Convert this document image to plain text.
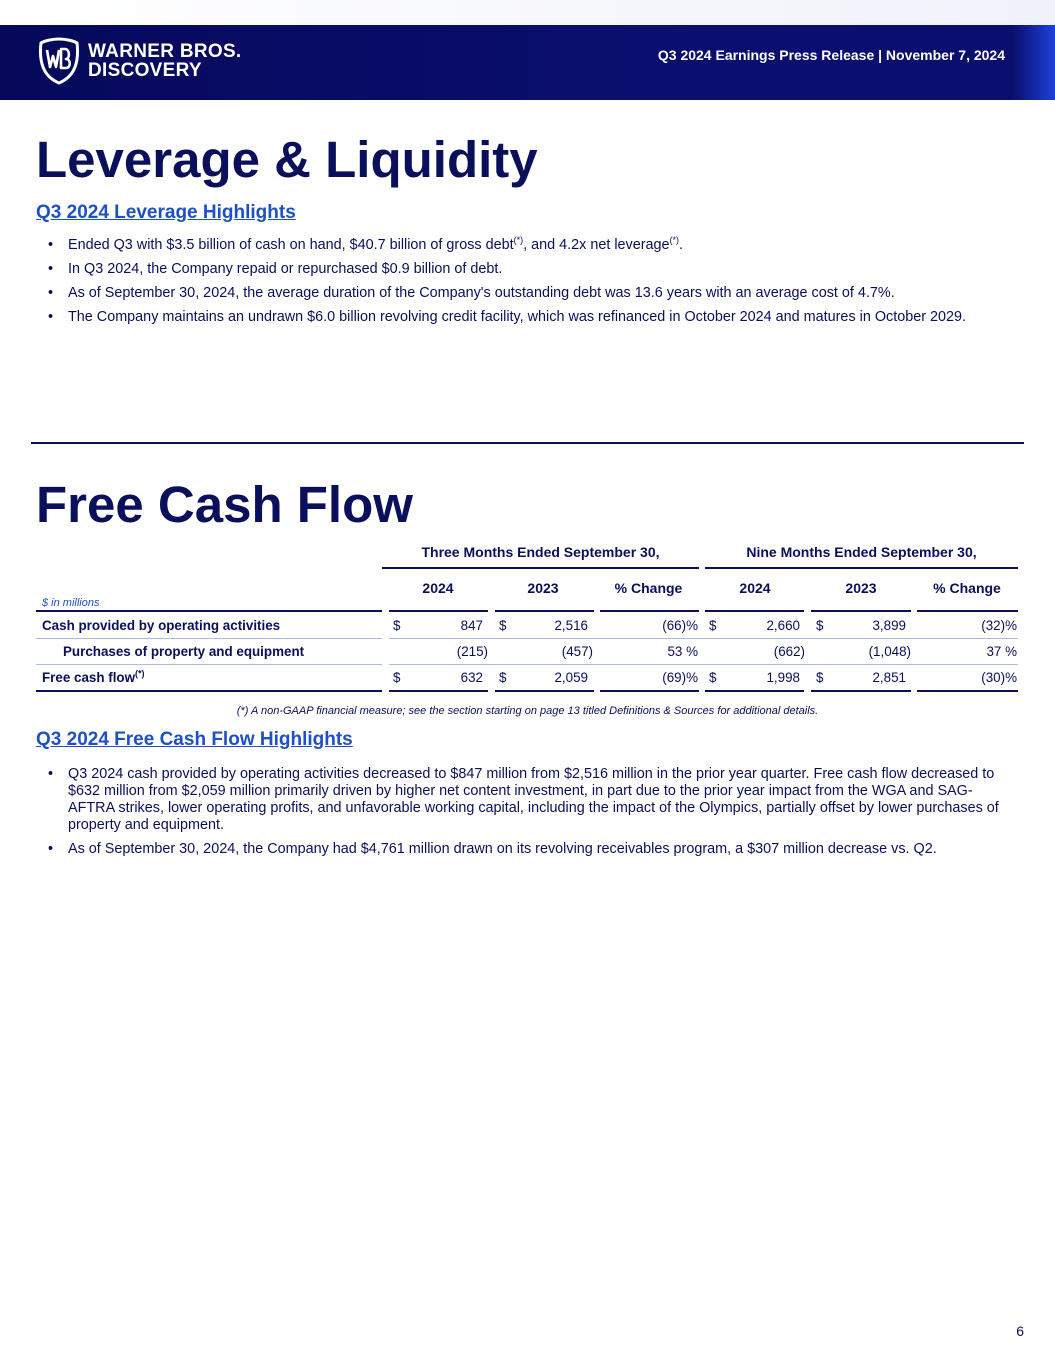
WARNER BROS.
DISCOVERY
Q3 2024 Earnings Press Release | November 7, 2024
Leverage & Liquidity
Q3 2024 Leverage Highlights
• Ended Q3 with $3.5 billion of cash on hand, $40.7 billion of gross debt(*), and 4.2x net leverage(*).
• In Q3 2024, the Company repaid or repurchased $0.9 billion of debt.
• As of September 30, 2024, the average duration of the Company's outstanding debt was 13.6 years with an average cost of 4.7%.
• The Company maintains an undrawn $6.0 billion revolving credit facility, which was refinanced in October 2024 and matures in October 2029.
Free Cash Flow
Three Months Ended September 30,	Nine Months Ended September 30,
2024	2023	% Change	2024	2023	% Change
$ in millions
Cash provided by operating activities	$	847 $	2,516	(66)% $	2,660 $	3,899	(32)%
Purchases of property and equipment	(215)	(457)	53 %	(662)	(1,048)	37 %
Free cash flow(*)	$	632 $	2,059	(69)% $	1,998 $	2,851	(30)%
(*) A non-GAAP financial measure; see the section starting on page 13 titled Definitions & Sources for additional details.
Q3 2024 Free Cash Flow Highlights
• Q3 2024 cash provided by operating activities decreased to $847 million from $2,516 million in the prior year quarter. Free cash flow decreased to $632 million from $2,059 million primarily driven by higher net content investment, in part due to the prior year impact from the WGA and SAG-AFTRA strikes, lower operating profits, and unfavorable working capital, including the impact of the Olympics, partially offset by lower purchases of property and equipment.
• As of September 30, 2024, the Company had $4,761 million drawn on its revolving receivables program, a $307 million decrease vs. Q2.
6
